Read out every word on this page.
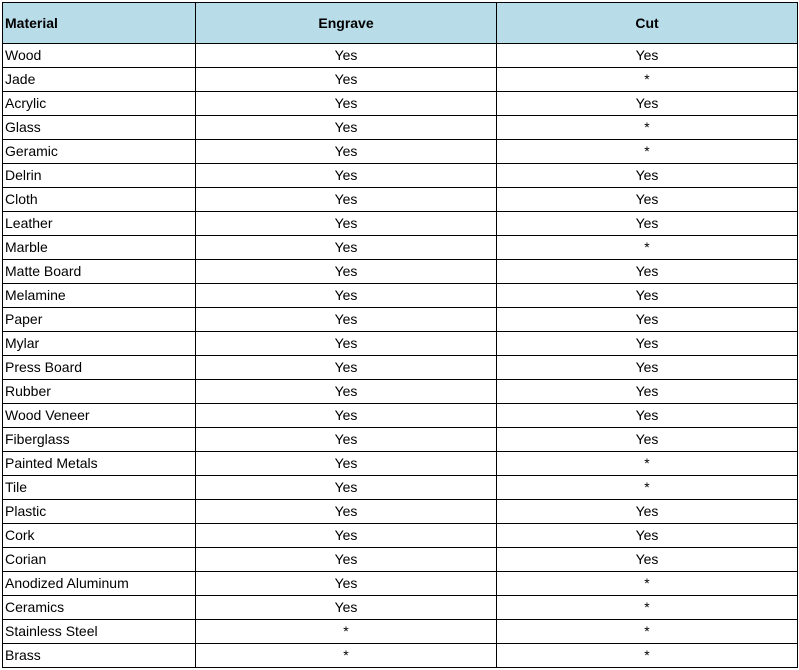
Material	Engrave	Cut
Wood	Yes	Yes
Jade	Yes	*
Acrylic	Yes	Yes
Glass	Yes	*
Geramic	Yes	*
Delrin	Yes	Yes
Cloth	Yes	Yes
Leather	Yes	Yes
Marble	Yes	*
Matte Board	Yes	Yes
Melamine	Yes	Yes
Paper	Yes	Yes
Mylar	Yes	Yes
Press Board	Yes	Yes
Rubber	Yes	Yes
Wood Veneer	Yes	Yes
Fiberglass	Yes	Yes
Painted Metals	Yes	*
Tile	Yes	*
Plastic	Yes	Yes
Cork	Yes	Yes
Corian	Yes	Yes
Anodized Aluminum	Yes	*
Ceramics	Yes	*
Stainless Steel	*	*
Brass	*	*
